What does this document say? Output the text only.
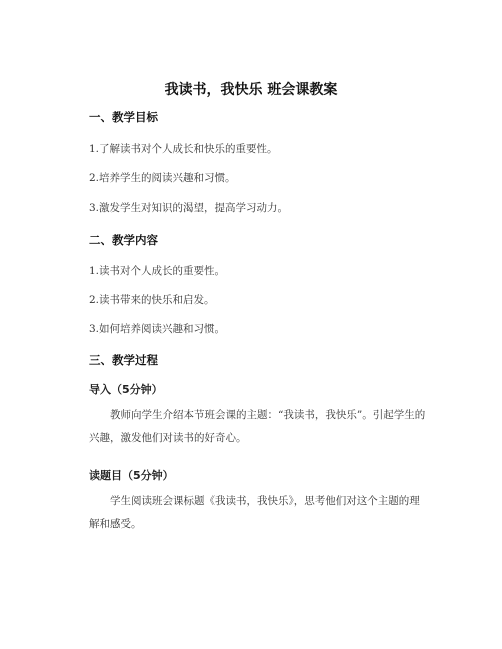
我读书，我快乐 班会课教案
一、教学目标
1.了解读书对个人成长和快乐的重要性。
2.培养学生的阅读兴趣和习惯。
3.激发学生对知识的渴望，提高学习动力。
二、教学内容
1.读书对个人成长的重要性。
2.读书带来的快乐和启发。
3.如何培养阅读兴趣和习惯。
三、教学过程
导入（5分钟）
教师向学生介绍本节班会课的主题：“我读书，我快乐”。引起学生的兴趣，激发他们对读书的好奇心。
读题目（5分钟）
学生阅读班会课标题《我读书，我快乐》，思考他们对这个主题的理解和感受。
